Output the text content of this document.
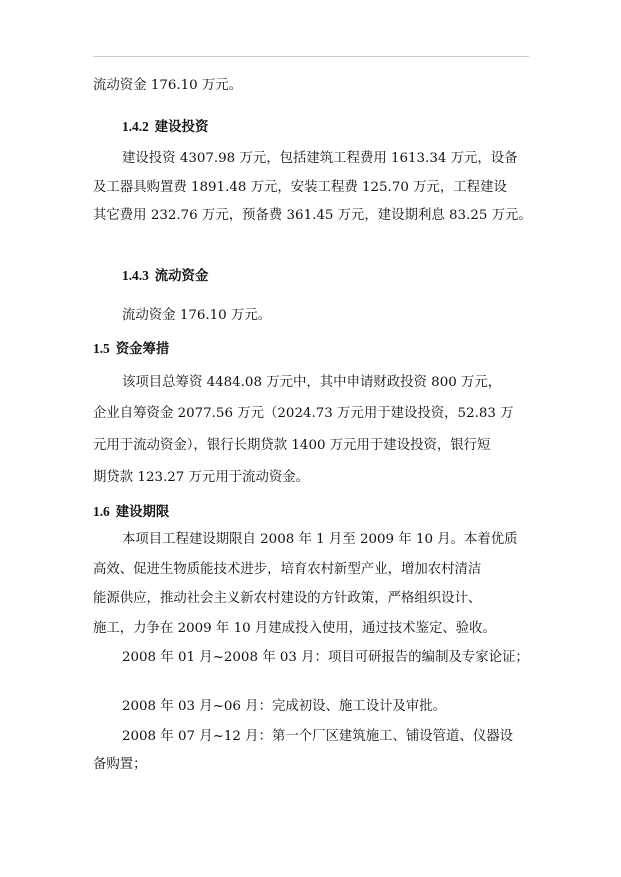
流动资金 176.10 万元。
1.4.2 建设投资
建设投资 4307.98 万元，包括建筑工程费用 1613.34 万元，设备
及工器具购置费 1891.48 万元，安装工程费 125.70 万元，工程建设
其它费用 232.76 万元，预备费 361.45 万元，建设期利息 83.25 万元。
1.4.3 流动资金
流动资金 176.10 万元。
1.5 资金筹措
该项目总筹资 4484.08 万元中，其中申请财政投资 800 万元，
企业自筹资金 2077.56 万元（2024.73 万元用于建设投资，52.83 万
元用于流动资金），银行长期贷款 1400 万元用于建设投资，银行短
期贷款 123.27 万元用于流动资金。
1.6 建设期限
本项目工程建设期限自 2008 年 1 月至 2009 年 10 月。本着优质
高效、促进生物质能技术进步，培育农村新型产业，增加农村清洁
能源供应，推动社会主义新农村建设的方针政策，严格组织设计、
施工，力争在 2009 年 10 月建成投入使用，通过技术鉴定、验收。
2008 年 01 月~2008 年 03 月：项目可研报告的编制及专家论证；
2008 年 03 月~06 月：完成初设、施工设计及审批。
2008 年 07 月~12 月：第一个厂区建筑施工、铺设管道、仪器设
备购置；
